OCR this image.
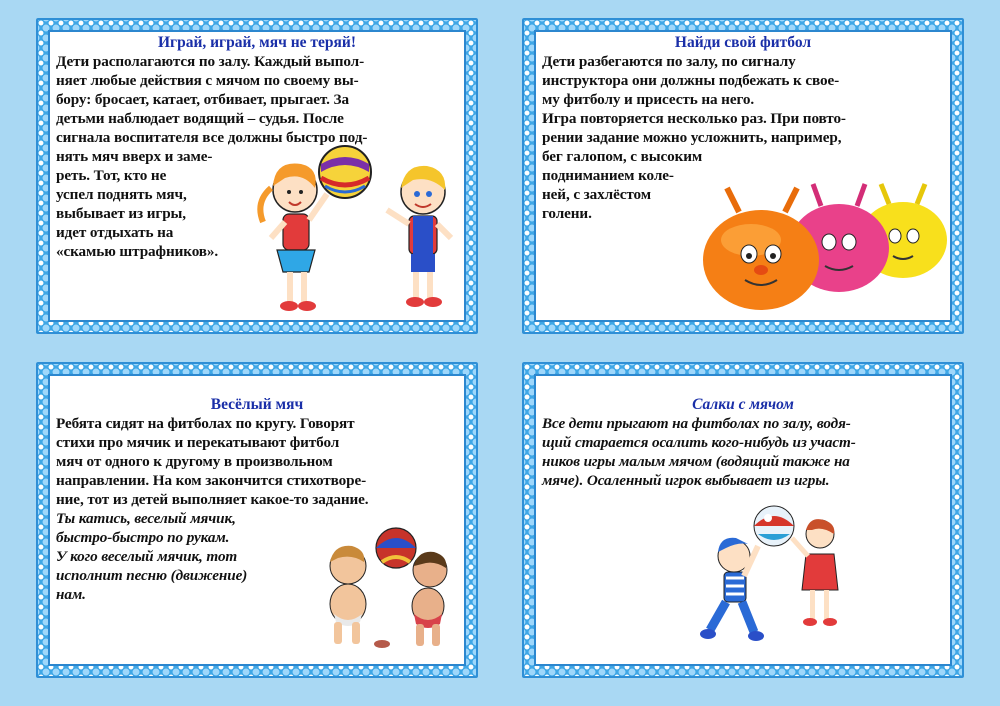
Играй, играй, мяч не теряй!
Дети располагаются по залу. Каждый выпол-
няет любые действия с мячом по своему вы-
бору: бросает, катает, отбивает, прыгает. За
детьми наблюдает водящий – судья. После
сигнала воспитателя все должны быстро под-
нять мяч вверх и заме-
реть. Тот, кто не
успел поднять мяч,
выбывает из игры,
идет отдыхать на
«скамью штрафников».
Найди свой фитбол
Дети разбегаются по залу, по сигналу
инструктора они должны подбежать к свое-
му фитболу и присесть на него.
Игра повторяется несколько раз. При повто-
рении задание можно усложнить, например,
бег галопом, с высоким
подниманием коле-
ней, с захлёстом
голени.
Весёлый мяч
Ребята сидят на фитболах по кругу. Говорят
стихи про мячик и перекатывают фитбол
мяч от одного к другому в произвольном
направлении. На ком закончится стихотворе-
ние, тот из детей выполняет какое-то задание.
Ты катись, веселый мячик,
быстро-быстро по рукам.
У кого веселый мячик, тот
исполнит песню (движение)
нам.
Салки с мячом
Все дети прыгают на фитболах по залу, водя-
щий старается осалить кого-нибудь из участ-
ников игры малым мячом (водящий также на
мяче). Осаленный игрок выбывает из игры.
